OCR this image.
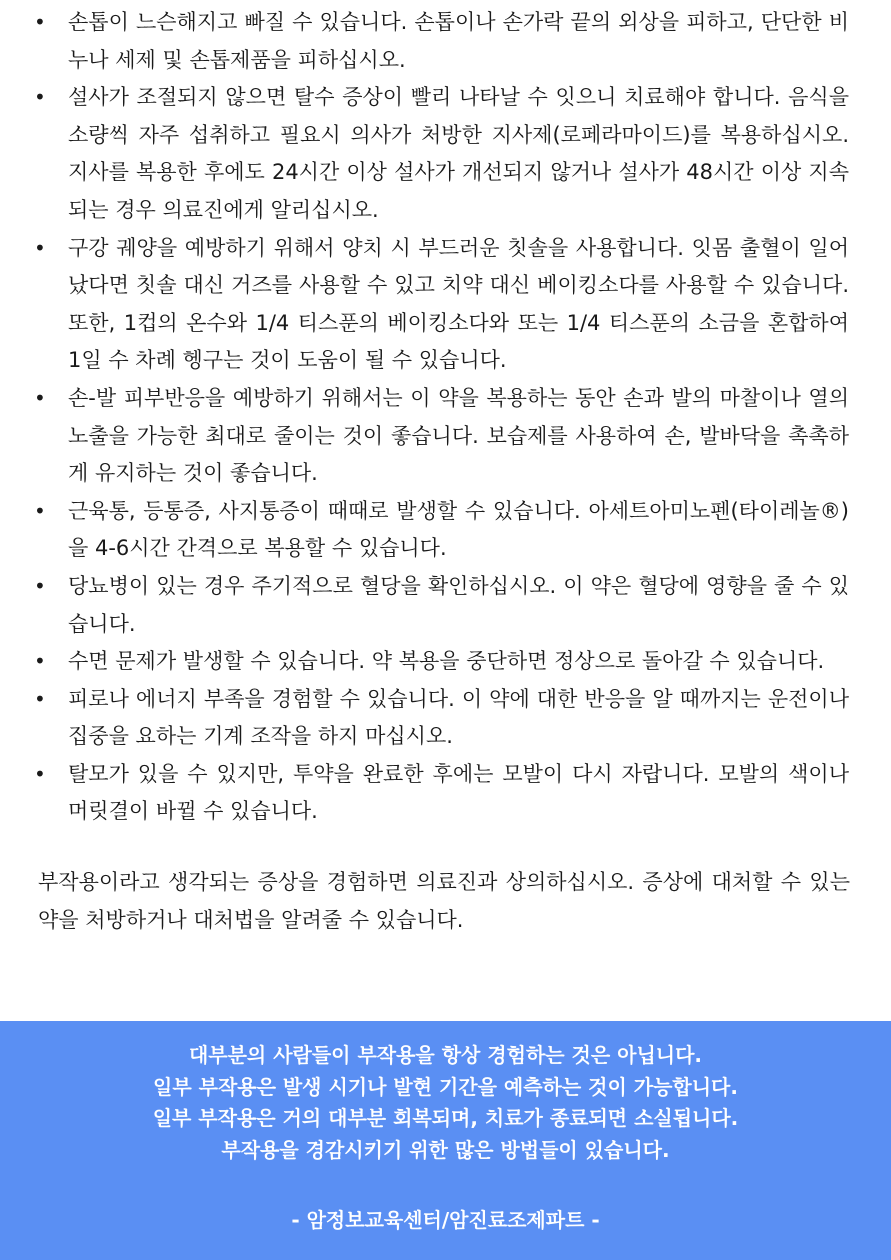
• 손톱이 느슨해지고 빠질 수 있습니다. 손톱이나 손가락 끝의 외상을 피하고, 단단한 비누나 세제 및 손톱제품을 피하십시오.
• 설사가 조절되지 않으면 탈수 증상이 빨리 나타날 수 잇으니 치료해야 합니다. 음식을 소량씩 자주 섭취하고 필요시 의사가 처방한 지사제(로페라마이드)를 복용하십시오. 지사를 복용한 후에도 24시간 이상 설사가 개선되지 않거나 설사가 48시간 이상 지속되는 경우 의료진에게 알리십시오.
• 구강 궤양을 예방하기 위해서 양치 시 부드러운 칫솔을 사용합니다. 잇몸 출혈이 일어났다면 칫솔 대신 거즈를 사용할 수 있고 치약 대신 베이킹소다를 사용할 수 있습니다. 또한, 1컵의 온수와 1/4 티스푼의 베이킹소다와 또는 1/4 티스푼의 소금을 혼합하여 1일 수 차례 헹구는 것이 도움이 될 수 있습니다.
• 손-발 피부반응을 예방하기 위해서는 이 약을 복용하는 동안 손과 발의 마찰이나 열의 노출을 가능한 최대로 줄이는 것이 좋습니다. 보습제를 사용하여 손, 발바닥을 촉촉하게 유지하는 것이 좋습니다.
• 근육통, 등통증, 사지통증이 때때로 발생할 수 있습니다. 아세트아미노펜(타이레놀®)을 4-6시간 간격으로 복용할 수 있습니다.
• 당뇨병이 있는 경우 주기적으로 혈당을 확인하십시오. 이 약은 혈당에 영향을 줄 수 있습니다.
• 수면 문제가 발생할 수 있습니다. 약 복용을 중단하면 정상으로 돌아갈 수 있습니다.
• 피로나 에너지 부족을 경험할 수 있습니다. 이 약에 대한 반응을 알 때까지는 운전이나 집중을 요하는 기계 조작을 하지 마십시오.
• 탈모가 있을 수 있지만, 투약을 완료한 후에는 모발이 다시 자랍니다. 모발의 색이나 머릿결이 바뀔 수 있습니다.

부작용이라고 생각되는 증상을 경험하면 의료진과 상의하십시오. 증상에 대처할 수 있는 약을 처방하거나 대처법을 알려줄 수 있습니다.

대부분의 사람들이 부작용을 항상 경험하는 것은 아닙니다.

일부 부작용은 발생 시기나 발현 기간을 예측하는 것이 가능합니다.

일부 부작용은 거의 대부분 회복되며, 치료가 종료되면 소실됩니다.

부작용을 경감시키기 위한 많은 방법들이 있습니다.

- 암정보교육센터/암진료조제파트 -
